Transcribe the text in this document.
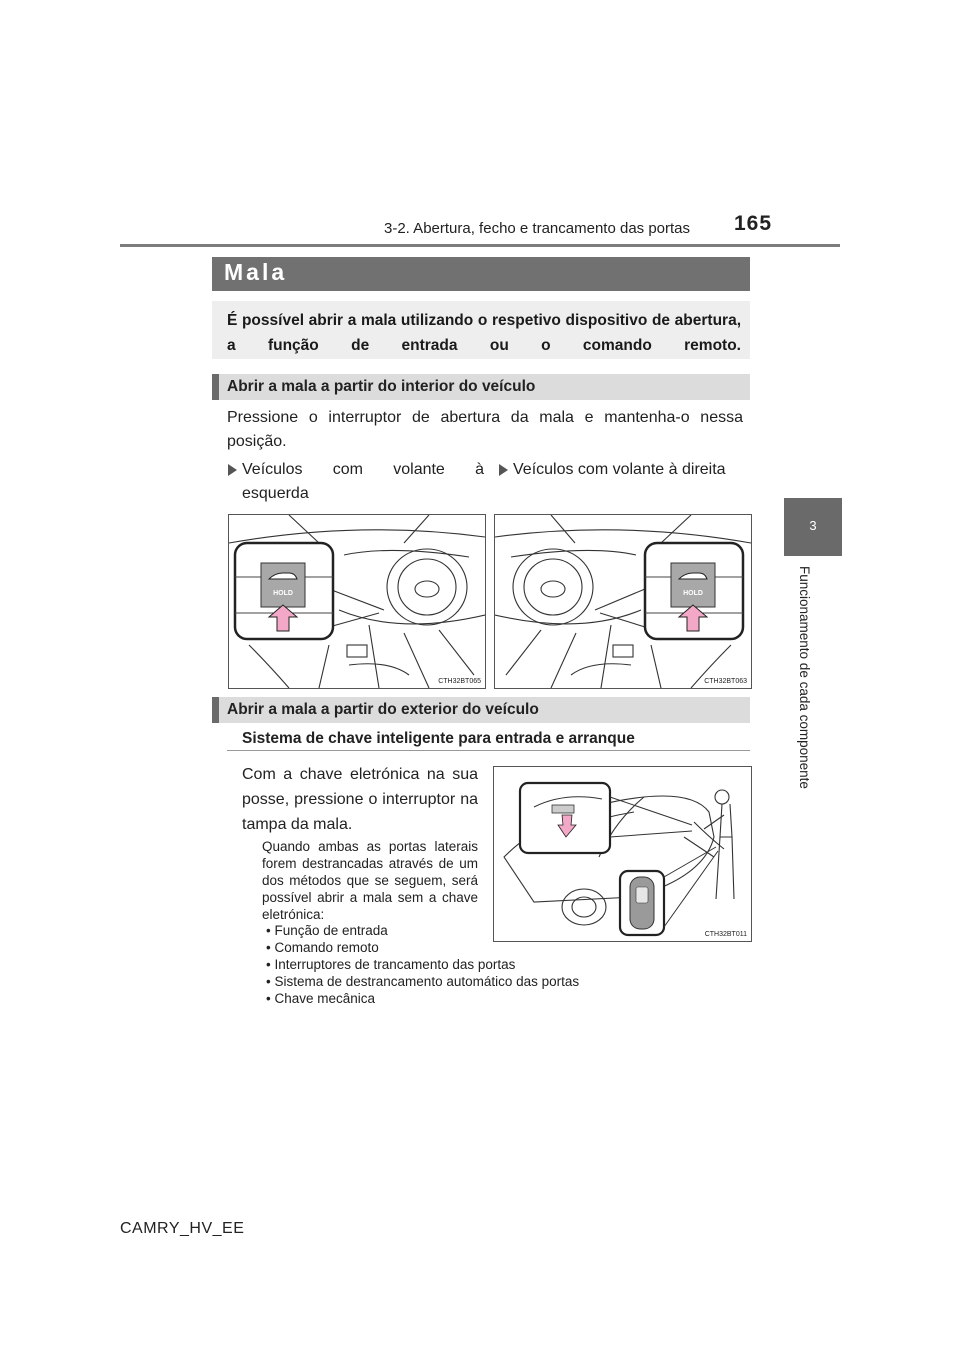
3-2. Abertura, fecho e trancamento das portas 165
3
Funcionamento de cada componente
Mala
É possível abrir a mala utilizando o respetivo dispositivo de abertura, a função de entrada ou o comando remoto.
Abrir a mala a partir do interior do veículo
Pressione o interruptor de abertura da mala e mantenha-o nessa posição.
Veículos com volante à
esquerda
Veículos com volante à direita
HOLD
CTH32BT065
HOLD
CTH32BT063
Abrir a mala a partir do exterior do veículo
Sistema de chave inteligente para entrada e arranque
Com a chave eletrónica na sua posse, pressione o interruptor na tampa da mala.
Quando ambas as portas laterais forem destrancadas através de um dos métodos que se seguem, será possível abrir a mala sem a chave eletrónica:
• Função de entrada
• Comando remoto
• Interruptores de trancamento das portas
• Sistema de destrancamento automático das portas
• Chave mecânica
CTH32BT011
CAMRY_HV_EE
